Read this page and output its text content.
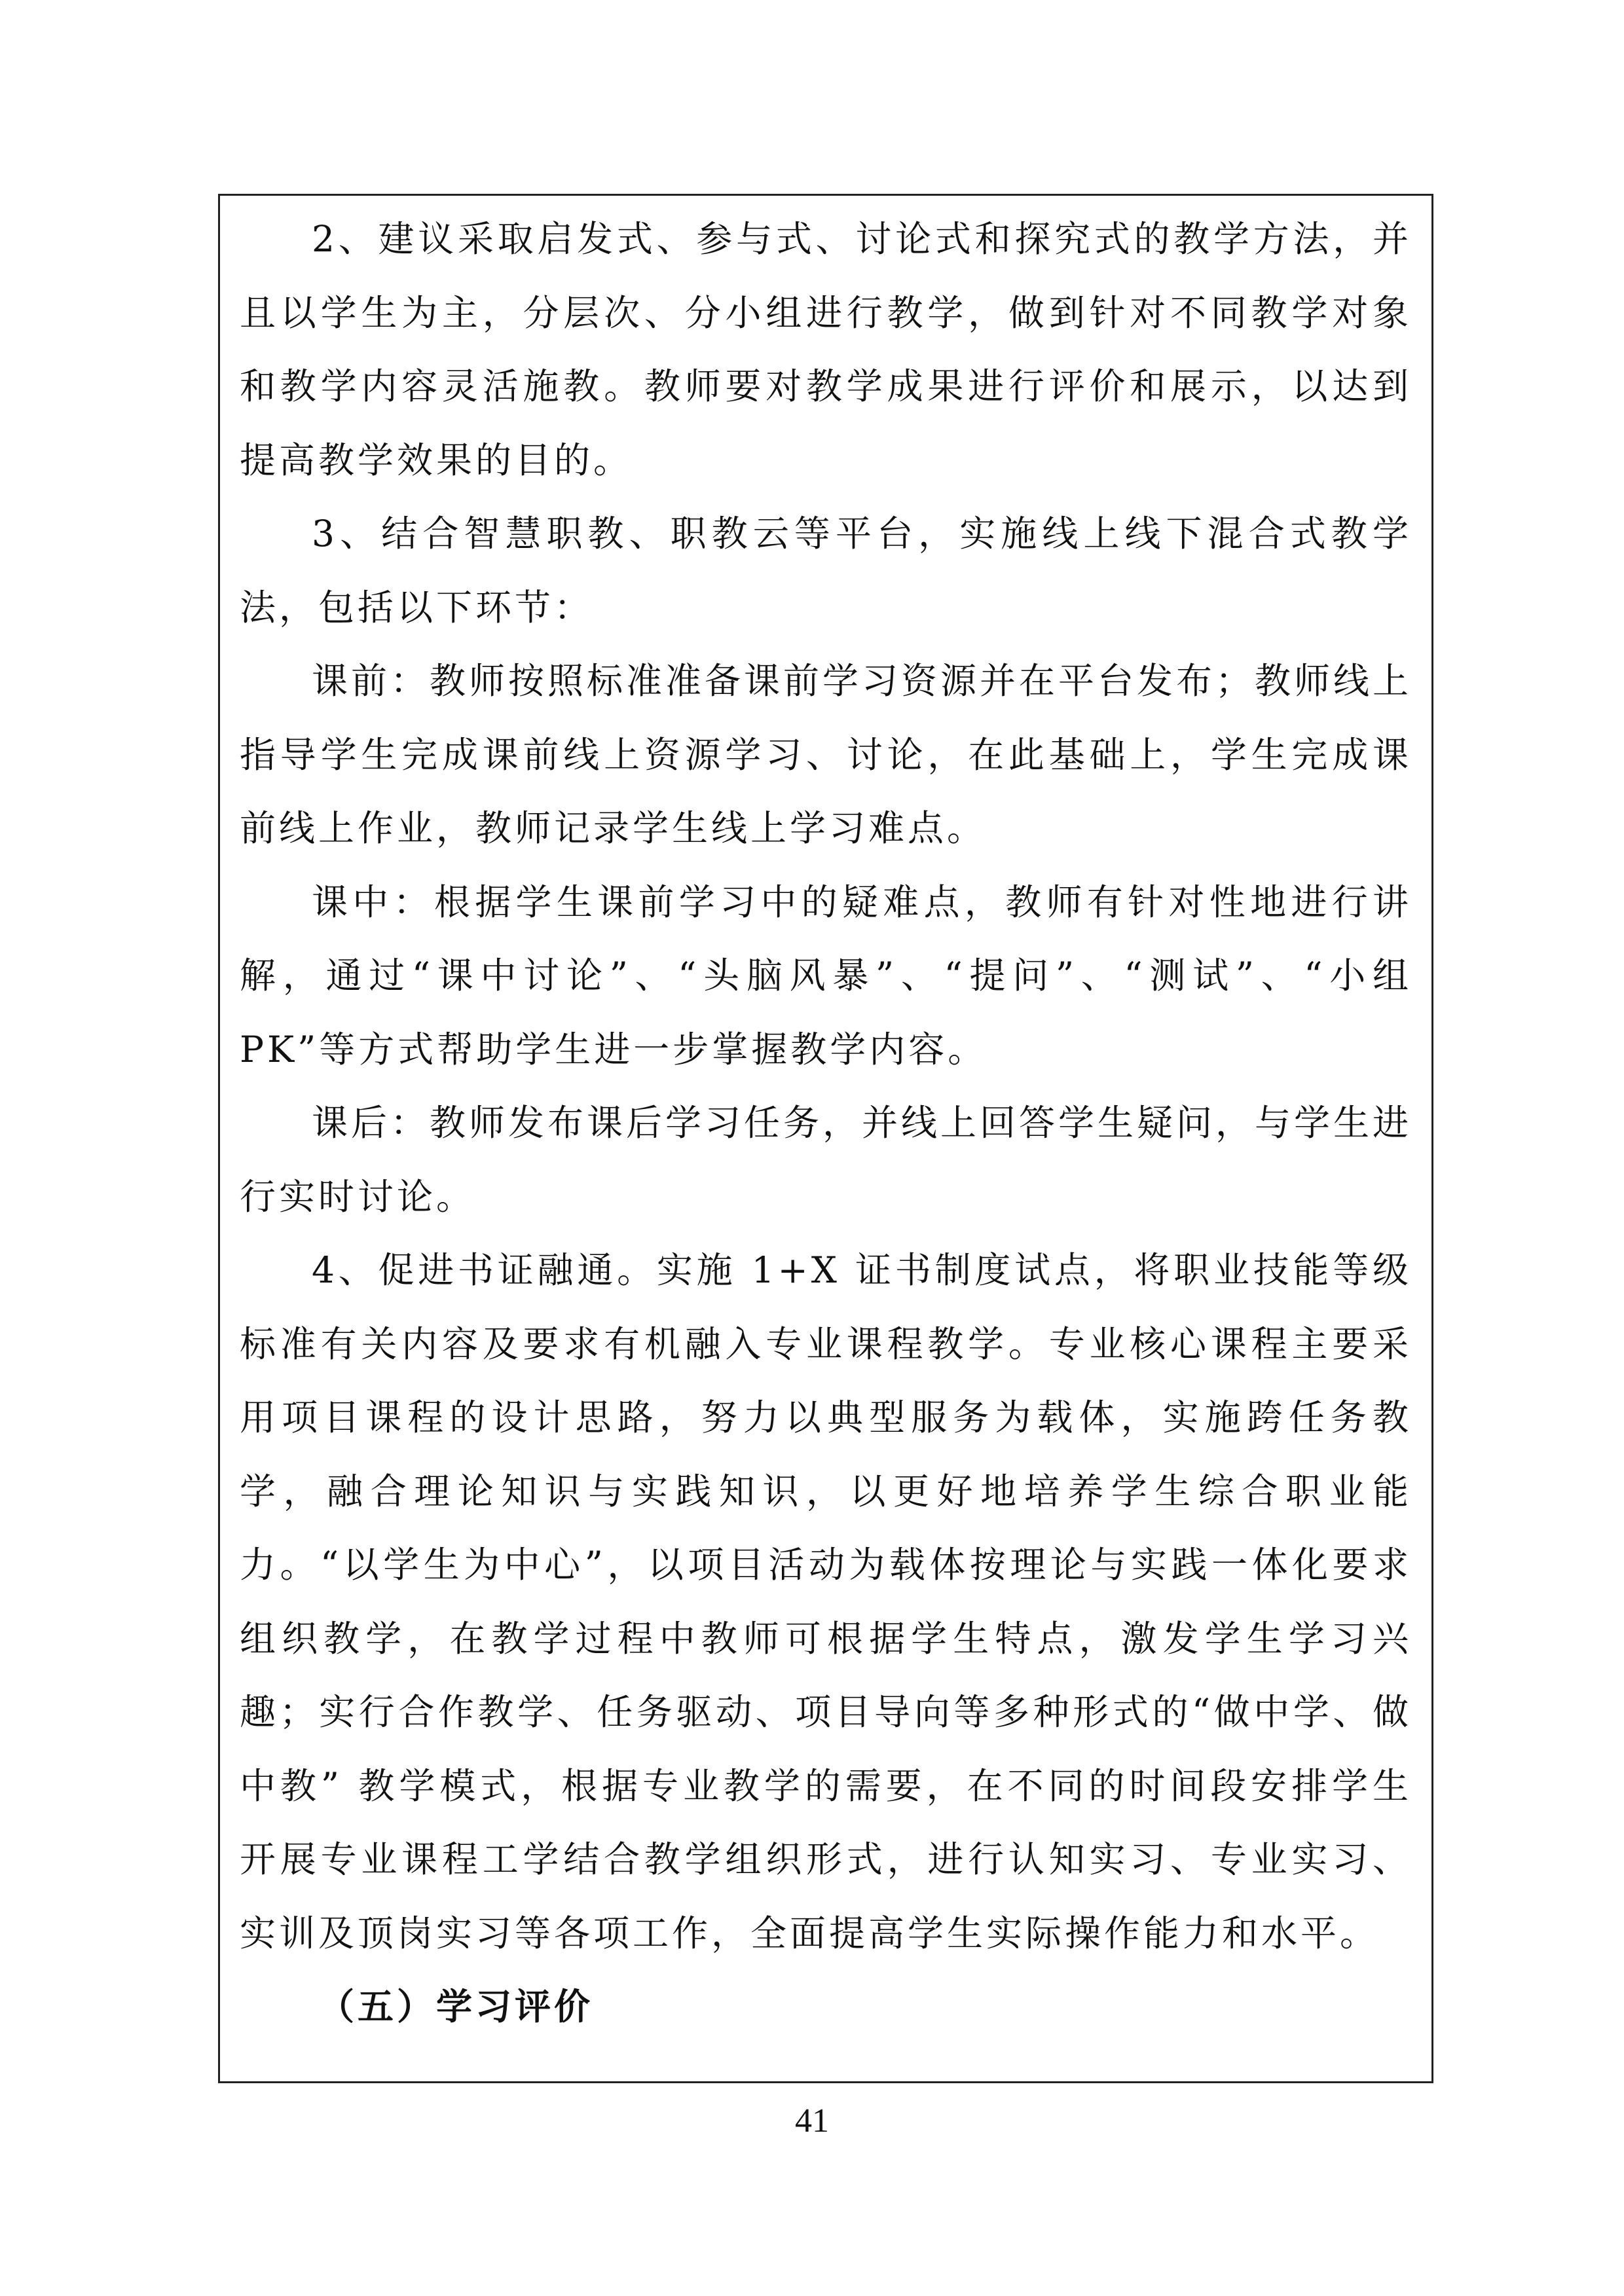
2、建议采取启发式、参与式、讨论式和探究式的教学方法，并且以学生为主，分层次、分小组进行教学，做到针对不同教学对象和教学内容灵活施教。教师要对教学成果进行评价和展示，以达到提高教学效果的目的。

3、结合智慧职教、职教云等平台，实施线上线下混合式教学法，包括以下环节：

课前：教师按照标准准备课前学习资源并在平台发布；教师线上指导学生完成课前线上资源学习、讨论，在此基础上，学生完成课前线上作业，教师记录学生线上学习难点。

课中：根据学生课前学习中的疑难点，教师有针对性地进行讲解，通过“课中讨论”、“头脑风暴”、“提问”、“测试”、“小组 PK”等方式帮助学生进一步掌握教学内容。

课后：教师发布课后学习任务，并线上回答学生疑问，与学生进行实时讨论。

4、促进书证融通。实施 1+X 证书制度试点，将职业技能等级标准有关内容及要求有机融入专业课程教学。专业核心课程主要采用项目课程的设计思路，努力以典型服务为载体，实施跨任务教学，融合理论知识与实践知识，以更好地培养学生综合职业能力。“以学生为中心”，以项目活动为载体按理论与实践一体化要求组织教学，在教学过程中教师可根据学生特点，激发学生学习兴趣；实行合作教学、任务驱动、项目导向等多种形式的“做中学、做中教” 教学模式，根据专业教学的需要，在不同的时间段安排学生开展专业课程工学结合教学组织形式，进行认知实习、专业实习、实训及顶岗实习等各项工作，全面提高学生实际操作能力和水平。

（五）学习评价

41
